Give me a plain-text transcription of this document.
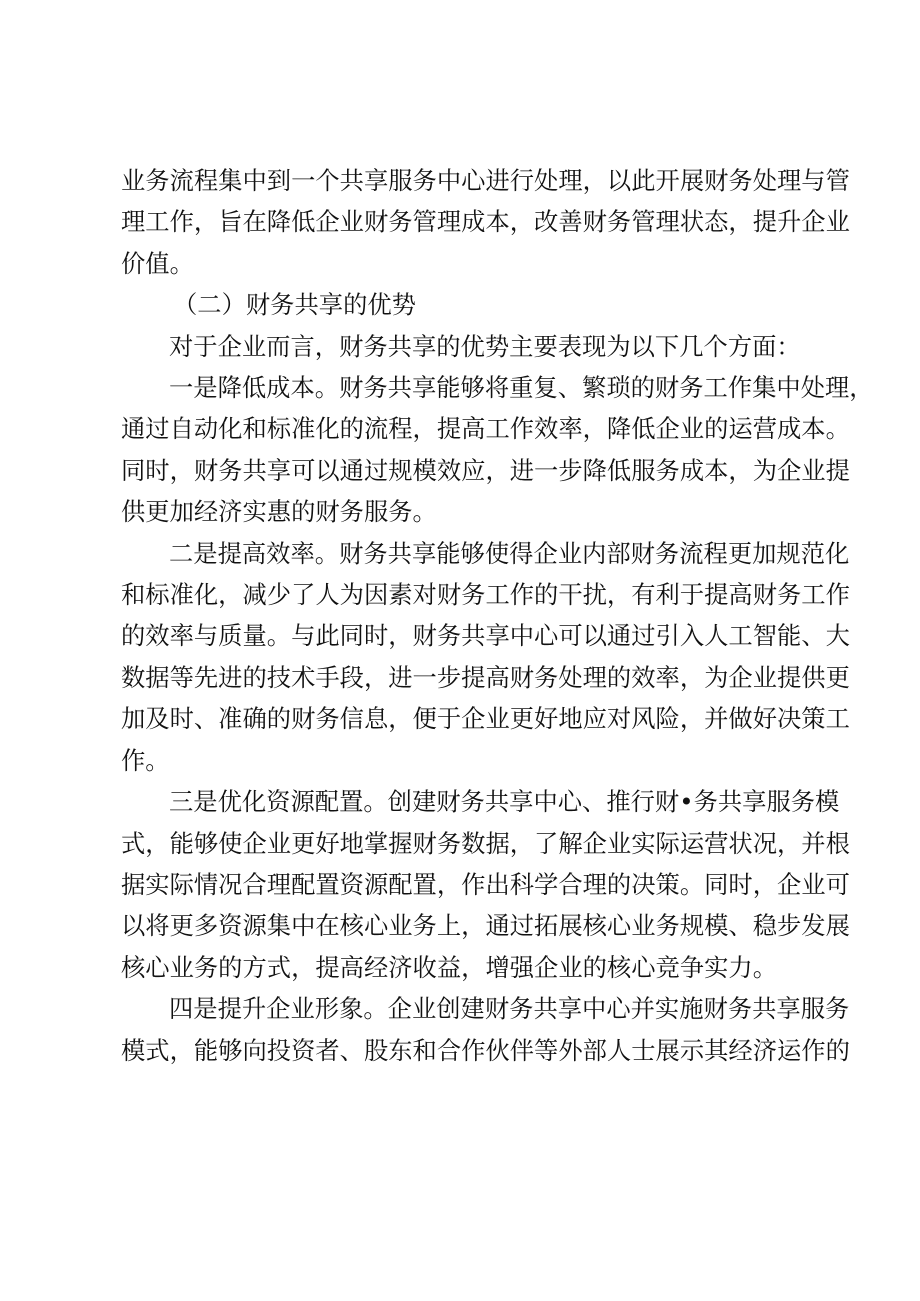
业务流程集中到一个共享服务中心进行处理，以此开展财务处理与管
理工作，旨在降低企业财务管理成本，改善财务管理状态，提升企业
价值。
（二）财务共享的优势
对于企业而言，财务共享的优势主要表现为以下几个方面：
一是降低成本。财务共享能够将重复、繁琐的财务工作集中处理，
通过自动化和标准化的流程，提高工作效率，降低企业的运营成本。
同时，财务共享可以通过规模效应，进一步降低服务成本，为企业提
供更加经济实惠的财务服务。
二是提高效率。财务共享能够使得企业内部财务流程更加规范化
和标准化，减少了人为因素对财务工作的干扰，有利于提高财务工作
的效率与质量。与此同时，财务共享中心可以通过引入人工智能、大
数据等先进的技术手段，进一步提高财务处理的效率，为企业提供更
加及时、准确的财务信息，便于企业更好地应对风险，并做好决策工
作。
三是优化资源配置。创建财务共享中心、推行财•务共享服务模
式，能够使企业更好地掌握财务数据，了解企业实际运营状况，并根
据实际情况合理配置资源配置，作出科学合理的决策。同时，企业可
以将更多资源集中在核心业务上，通过拓展核心业务规模、稳步发展
核心业务的方式，提高经济收益，增强企业的核心竞争实力。
四是提升企业形象。企业创建财务共享中心并实施财务共享服务
模式，能够向投资者、股东和合作伙伴等外部人士展示其经济运作的
